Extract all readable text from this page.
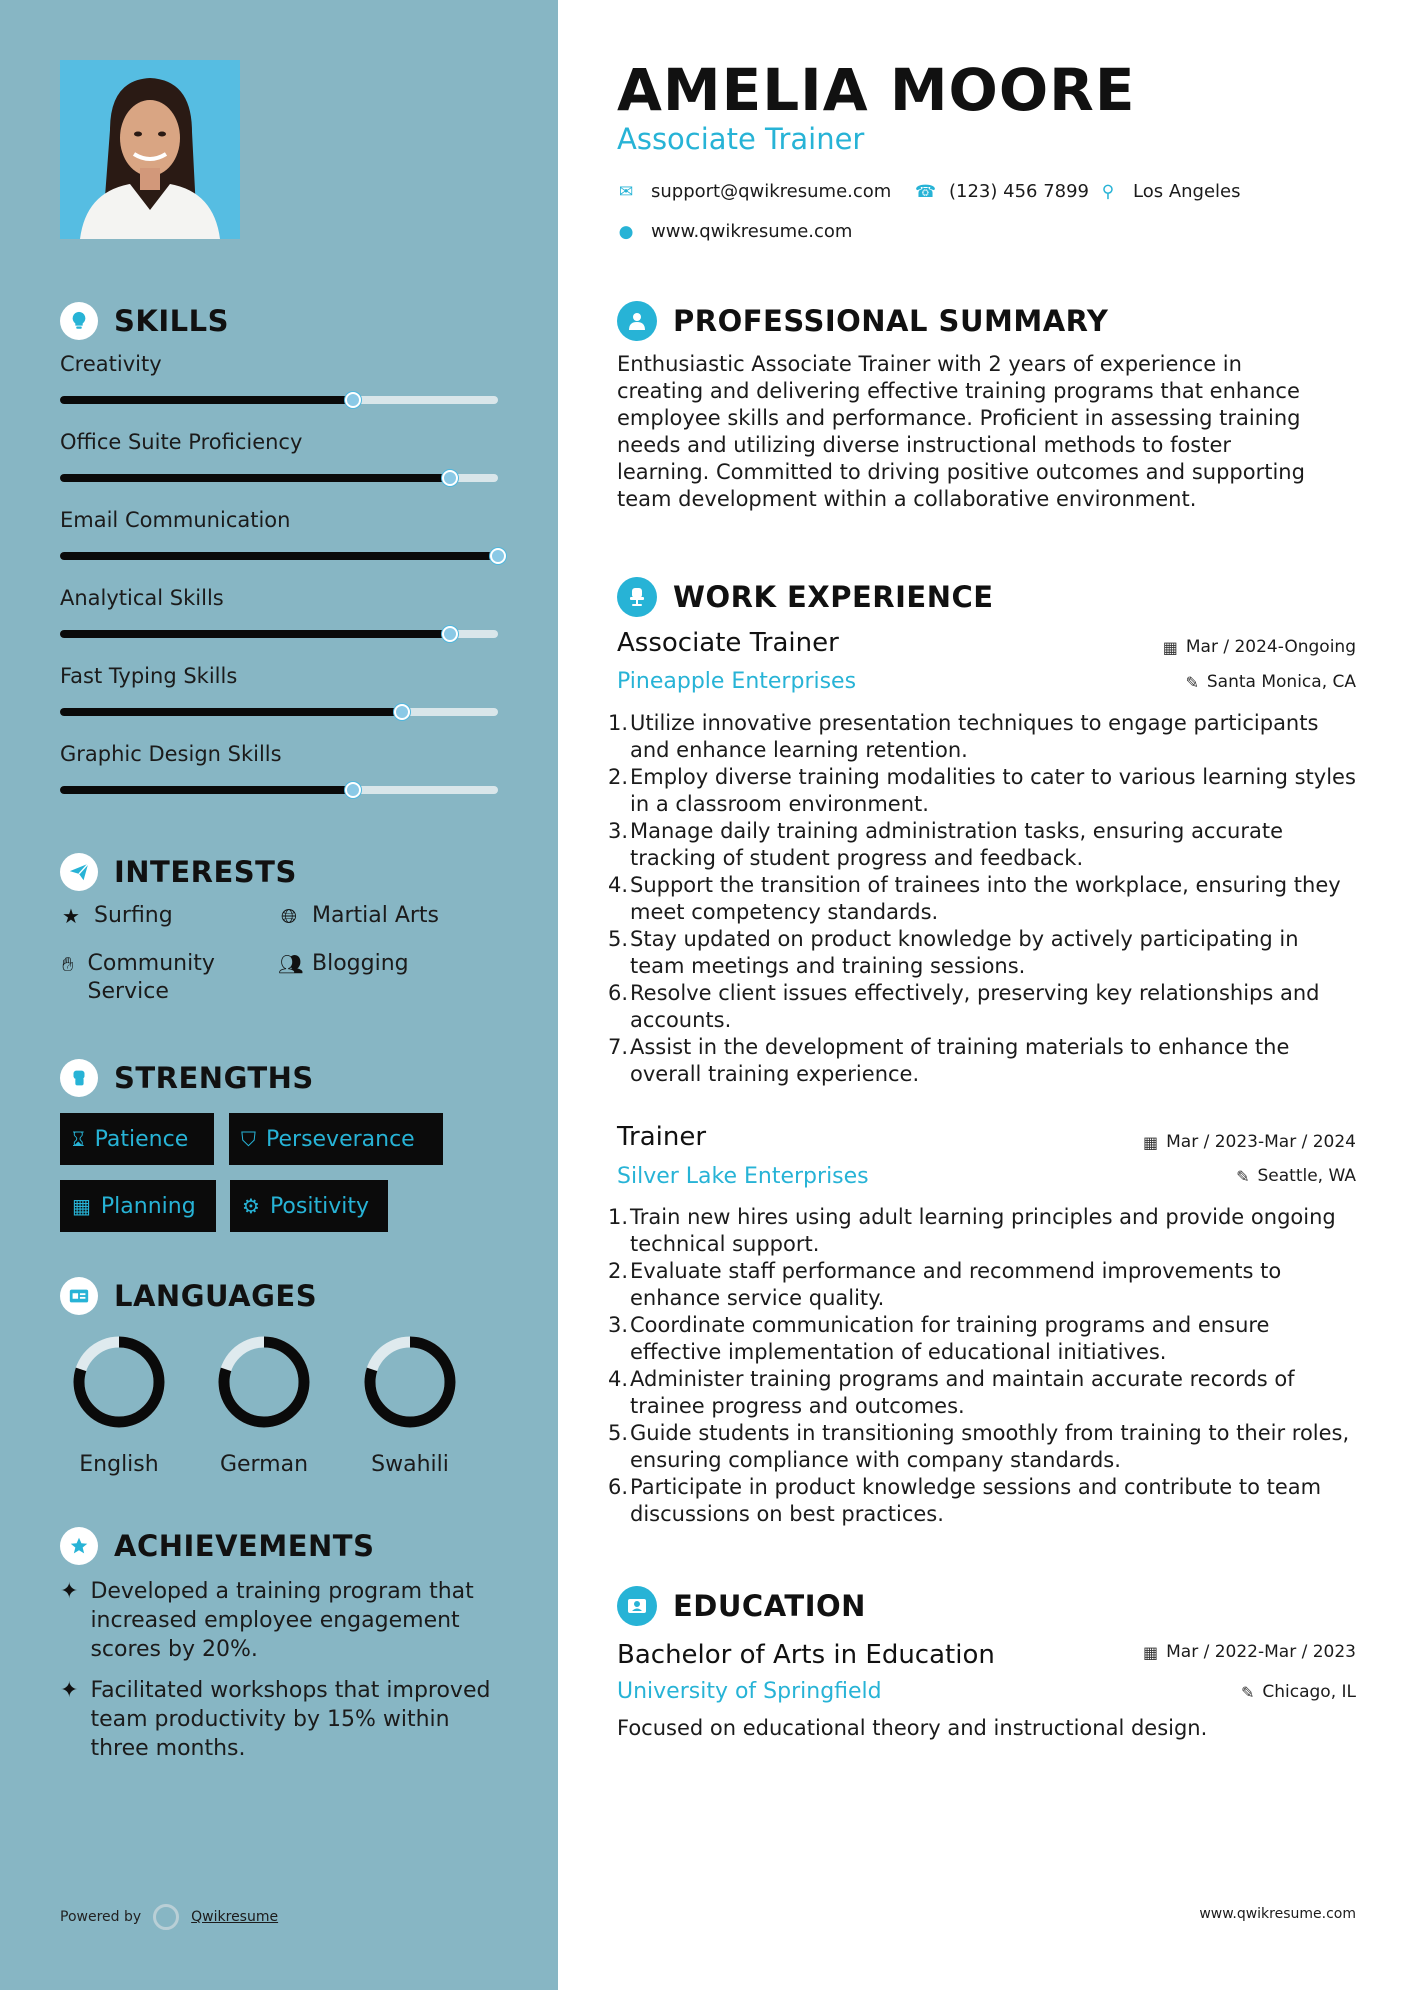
SKILLS
Creativity
Office Suite Proficiency
Email Communication
Analytical Skills
Fast Typing Skills
Graphic Design Skills
INTERESTS
★ Surfing	🌐︎ Martial Arts
✋︎ Community Service
👥︎ Blogging
STRENGTHS
⌛︎ Patience	⛉ Perseverance
▦ Planning ⚙︎ Positivity
LANGUAGES
English	German	Swahili
ACHIEVEMENTS
✦ Developed a training program that increased employee engagement scores by 20%.
✦ Facilitated workshops that improved team productivity by 15% within three months.
Powered by	Qwikresume
AMELIA MOORE
Associate Trainer
✉ support@qwikresume.com ☎ (123) 456 7899 ⚲ Los Angeles
● www.qwikresume.com
PROFESSIONAL SUMMARY

Enthusiastic Associate Trainer with 2 years of experience in creating and delivering effective training programs that enhance employee skills and performance. Proficient in assessing training needs and utilizing diverse instructional methods to foster learning. Committed to driving positive outcomes and supporting team development within a collaborative environment.

WORK EXPERIENCE
Associate Trainer	▦ Mar / 2024-Ongoing
Pineapple Enterprises	✎ Santa Monica, CA
1. Utilize innovative presentation techniques to engage participants and enhance learning retention.
2. Employ diverse training modalities to cater to various learning styles in a classroom environment.
3. Manage daily training administration tasks, ensuring accurate tracking of student progress and feedback.
4. Support the transition of trainees into the workplace, ensuring they meet competency standards.
5. Stay updated on product knowledge by actively participating in team meetings and training sessions.
6. Resolve client issues effectively, preserving key relationships and accounts.
7. Assist in the development of training materials to enhance the overall training experience.
Trainer	▦ Mar / 2023-Mar / 2024
Silver Lake Enterprises	✎ Seattle, WA
1. Train new hires using adult learning principles and provide ongoing technical support.
2. Evaluate staff performance and recommend improvements to enhance service quality.
3. Coordinate communication for training programs and ensure effective implementation of educational initiatives.
4. Administer training programs and maintain accurate records of trainee progress and outcomes.
5. Guide students in transitioning smoothly from training to their roles, ensuring compliance with company standards.
6. Participate in product knowledge sessions and contribute to team discussions on best practices.
EDUCATION
Bachelor of Arts in Education	▦ Mar / 2022-Mar / 2023
University of Springfield	✎ Chicago, IL

Focused on educational theory and instructional design.

www.qwikresume.com
